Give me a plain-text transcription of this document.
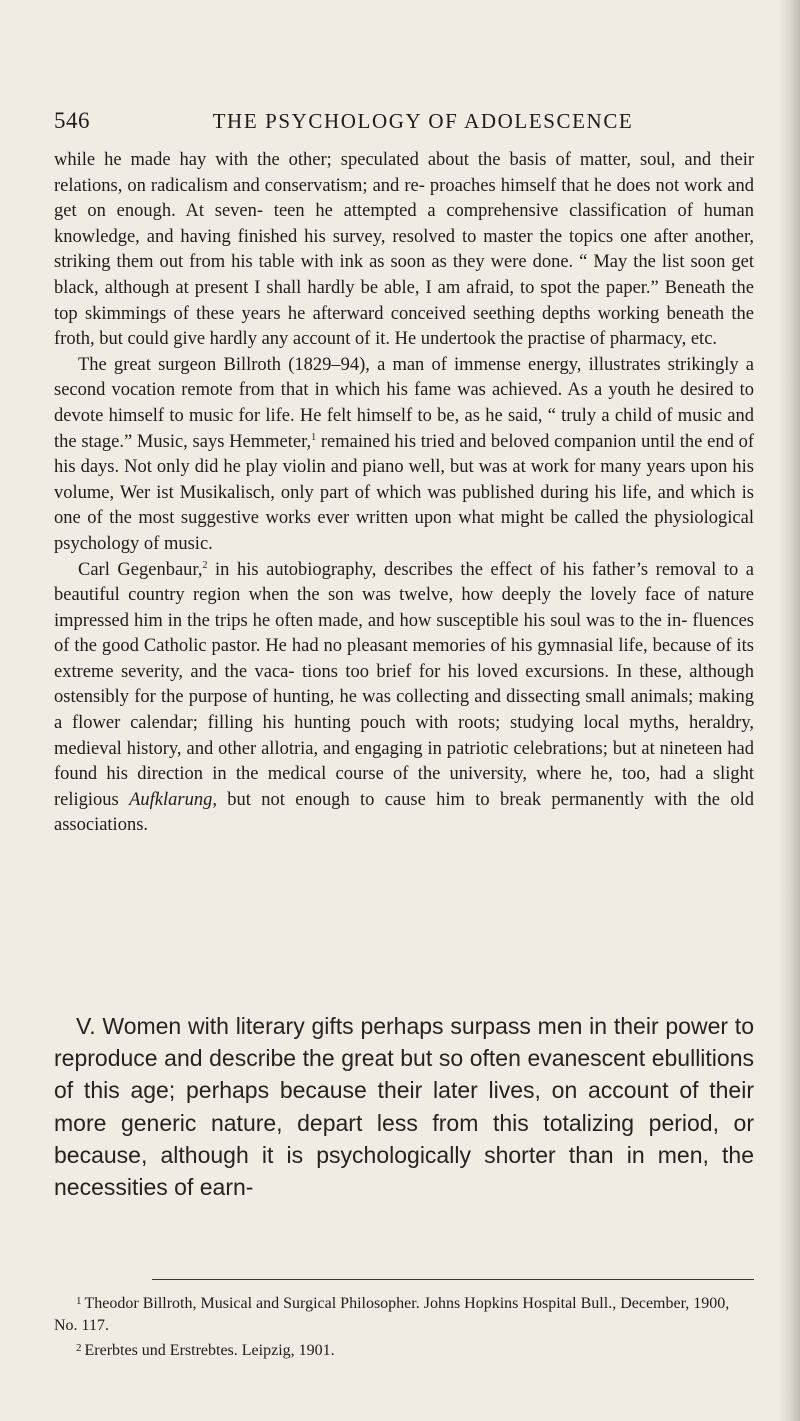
546	THE PSYCHOLOGY OF ADOLESCENCE

while he made hay with the other; speculated about the basis of matter, soul, and their relations, on radicalism and conservatism; and re- proaches himself that he does not work and get on enough. At seven- teen he attempted a comprehensive classification of human knowledge, and having finished his survey, resolved to master the topics one after another, striking them out from his table with ink as soon as they were done. “ May the list soon get black, although at present I shall hardly be able, I am afraid, to spot the paper.” Beneath the top skimmings of these years he afterward conceived seething depths working beneath the froth, but could give hardly any account of it. He undertook the practise of pharmacy, etc.

The great surgeon Billroth (1829–94), a man of immense energy, illustrates strikingly a second vocation remote from that in which his fame was achieved. As a youth he desired to devote himself to music for life. He felt himself to be, as he said, “ truly a child of music and the stage.” Music, says Hemmeter,$^1$ remained his tried and beloved companion until the end of his days. Not only did he play violin and piano well, but was at work for many years upon his volume, Wer ist Musikalisch, only part of which was published during his life, and which is one of the most suggestive works ever written upon what might be called the physiological psychology of music.

Carl Gegenbaur,$^2$ in his autobiography, describes the effect of his father’s removal to a beautiful country region when the son was twelve, how deeply the lovely face of nature impressed him in the trips he often made, and how susceptible his soul was to the in- fluences of the good Catholic pastor. He had no pleasant memories of his gymnasial life, because of its extreme severity, and the vaca- tions too brief for his loved excursions. In these, although ostensibly for the purpose of hunting, he was collecting and dissecting small animals; making a flower calendar; filling his hunting pouch with roots; studying local myths, heraldry, medieval history, and other allotria, and engaging in patriotic celebrations; but at nineteen had found his direction in the medical course of the university, where he, too, had a slight religious Aufklarung, but not enough to cause him to break permanently with the old associations.

V. Women with literary gifts perhaps surpass men in their power to reproduce and describe the great but so often evanescent ebullitions of this age; perhaps because their later lives, on account of their more generic nature, depart less from this totalizing period, or because, although it is psychologically shorter than in men, the necessities of earn-

$^1$ Theodor Billroth, Musical and Surgical Philosopher. Johns Hopkins Hospital Bull., December, 1900, No. 117.

$^2$ Ererbtes und Erstrebtes. Leipzig, 1901.
